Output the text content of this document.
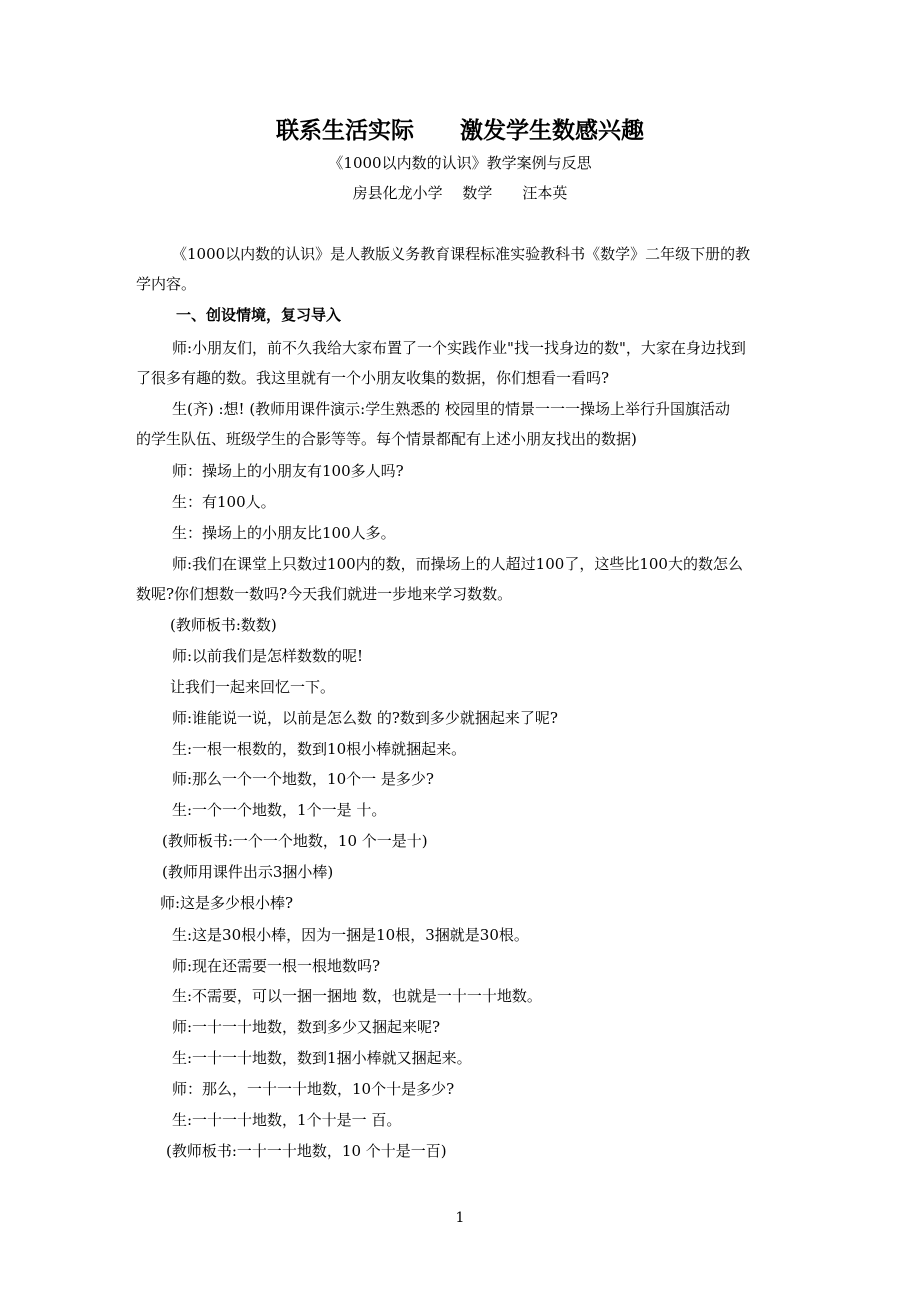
联系生活实际　　激发学生数感兴趣
《1000以内数的认识》教学案例与反思
房县化龙小学　 数学　　汪本英
《1000以内数的认识》是人教版义务教育课程标准实验教科书《数学》二年级下册的教
学内容。
一、创设情境，复习导入
师:小朋友们，前不久我给大家布置了一个实践作业"找一找身边的数"，大家在身边找到
了很多有趣的数。我这里就有一个小朋友收集的数据，你们想看一看吗?
生(齐) :想! (教师用课件演示:学生熟悉的 校园里的情景一一一操场上举行升国旗活动
的学生队伍、班级学生的合影等等。每个情景都配有上述小朋友找出的数据)
师：操场上的小朋友有100多人吗?
生：有100人。
生：操场上的小朋友比100人多。
师:我们在课堂上只数过100内的数，而操场上的人超过100了，这些比100大的数怎么
数呢?你们想数一数吗?今天我们就进一步地来学习数数。
(教师板书:数数)
师:以前我们是怎样数数的呢!
让我们一起来回忆一下。
师:谁能说一说，以前是怎么数 的?数到多少就捆起来了呢?
生:一根一根数的，数到10根小棒就捆起来。
师:那么一个一个地数，10个一 是多少?
生:一个一个地数，1个一是 十。
(教师板书:一个一个地数，10 个一是十)
(教师用课件出示3捆小棒)
师:这是多少根小棒?
生:这是30根小棒，因为一捆是10根，3捆就是30根。
师:现在还需要一根一根地数吗?
生:不需要，可以一捆一捆地 数，也就是一十一十地数。
师:一十一十地数，数到多少又捆起来呢?
生:一十一十地数，数到1捆小棒就又捆起来。
师：那么，一十一十地数，10个十是多少?
生:一十一十地数，1个十是一 百。
(教师板书:一十一十地数，10 个十是一百)
1
